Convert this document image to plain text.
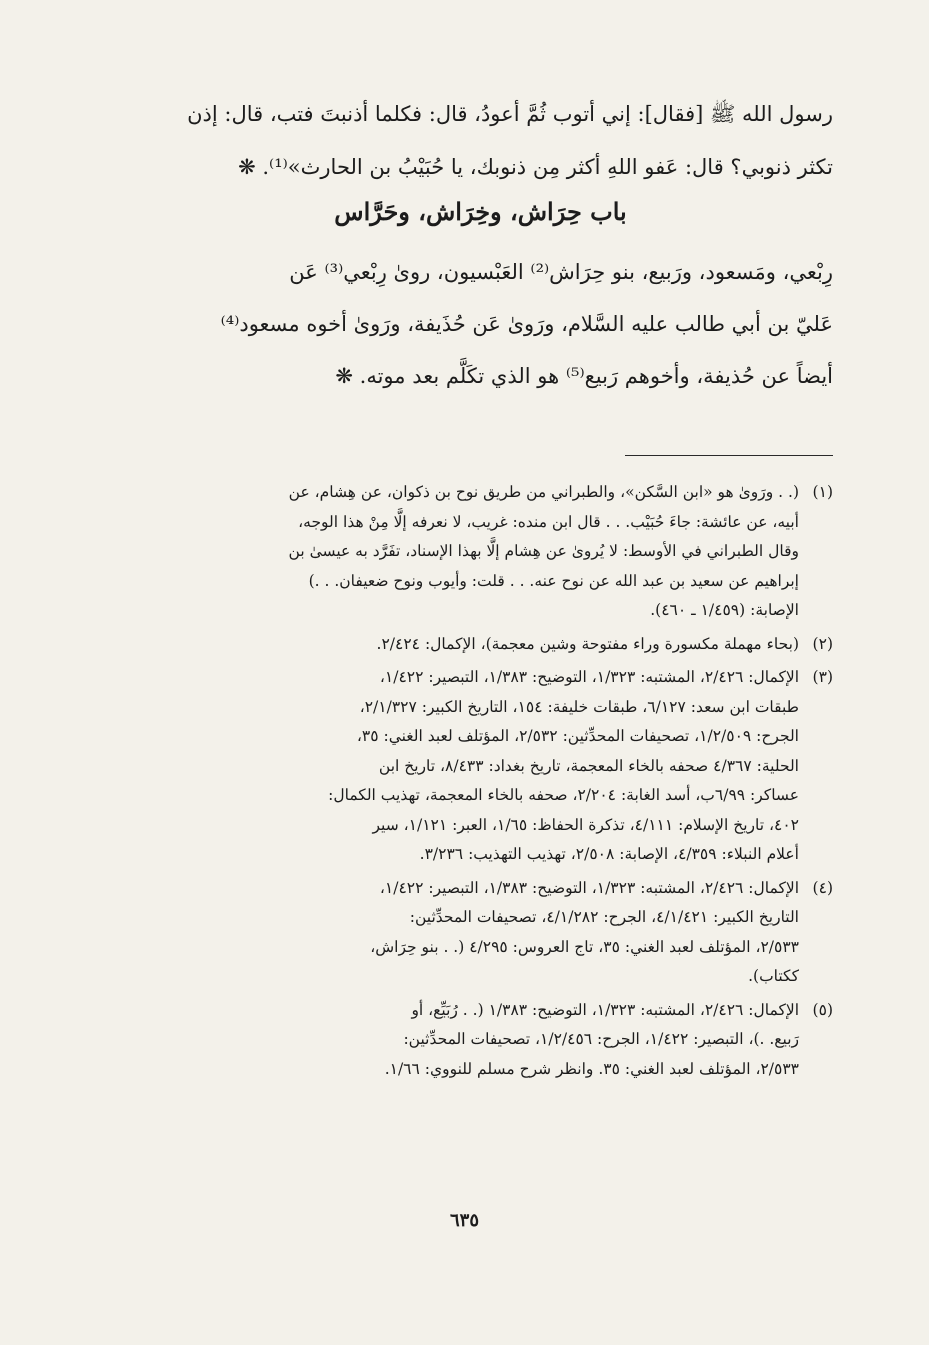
رسول الله ﷺ [فقال]: إني أتوب ثُمَّ أعودُ، قال: فكلما أذنبتَ فتب، قال: إذن

تكثر ذنوبي؟ قال: عَفو اللهِ أكثر مِن ذنوبك، يا حُبَيْبُ بن الحارث»⁽¹⁾. ❋

باب حِرَاش، وخِرَاش، وحَرَّاس

رِبْعي، ومَسعود، ورَبيع، بنو حِرَاش⁽²⁾ العَبْسيون، روىٰ رِبْعي⁽³⁾ عَن

عَليّ بن أبي طالب عليه السَّلام، ورَوىٰ عَن حُذَيفة، ورَوىٰ أخوه مسعود⁽⁴⁾

أيضاً عن حُذيفة، وأخوهم رَبيع⁽⁵⁾ هو الذي تكَلَّم بعد موته. ❋

(١)
(. . ورَوىٰ هو «ابن السَّكن»، والطبراني من طريق نوح بن ذكوان، عن هِشام، عن
أبيه، عن عائشة: جاءَ حُبَيْب. . . قال ابن منده: غريب، لا نعرفه إلَّا مِنْ هذا الوجه،
وقال الطبراني في الأوسط: لا يُروىٰ عن هِشام إلَّا بهذا الإسناد، تفَرَّد به عيسىٰ بن
إبراهيم عن سعيد بن عبد الله عن نوح عنه. . . قلت: وأيوب ونوح ضعيفان. . .)
الإصابة: (١/٤٥٩ ـ ٤٦٠).
(٢)
(بحاء مهملة مكسورة وراء مفتوحة وشين معجمة)، الإكمال: ٢/٤٢٤.
(٣)
الإكمال: ٢/٤٢٦، المشتبه: ١/٣٢٣، التوضيح: ١/٣٨٣، التبصير: ١/٤٢٢،
طبقات ابن سعد: ٦/١٢٧، طبقات خليفة: ١٥٤، التاريخ الكبير: ٢/١/٣٢٧،
الجرح: ١/٢/٥٠٩، تصحيفات المحدِّثين: ٢/٥٣٢، المؤتلف لعبد الغني: ٣٥،
الحلية: ٤/٣٦٧ صحفه بالخاء المعجمة، تاريخ بغداد: ٨/٤٣٣، تاريخ ابن
عساكر: ٦/٩٩ب، أسد الغابة: ٢/٢٠٤، صحفه بالخاء المعجمة، تهذيب الكمال:
٤٠٢، تاريخ الإسلام: ٤/١١١، تذكرة الحفاظ: ١/٦٥، العبر: ١/١٢١، سير
أعلام النبلاء: ٤/٣٥٩، الإصابة: ٢/٥٠٨، تهذيب التهذيب: ٣/٢٣٦.
(٤)
الإكمال: ٢/٤٢٦، المشتبه: ١/٣٢٣، التوضيح: ١/٣٨٣، التبصير: ١/٤٢٢،
التاريخ الكبير: ٤/١/٤٢١، الجرح: ٤/١/٢٨٢، تصحيفات المحدِّثين:
٢/٥٣٣، المؤتلف لعبد الغني: ٣٥، تاج العروس: ٤/٢٩٥ (. . بنو حِرَاش،
ككتاب).
(٥)
الإكمال: ٢/٤٢٦، المشتبه: ١/٣٢٣، التوضيح: ١/٣٨٣ (. . رُبَيِّع، أو
رَبيع. .)، التبصير: ١/٤٢٢، الجرح: ١/٢/٤٥٦، تصحيفات المحدِّثين:
٢/٥٣٣، المؤتلف لعبد الغني: ٣٥. وانظر شرح مسلم للنووي: ١/٦٦.
٦٣٥
